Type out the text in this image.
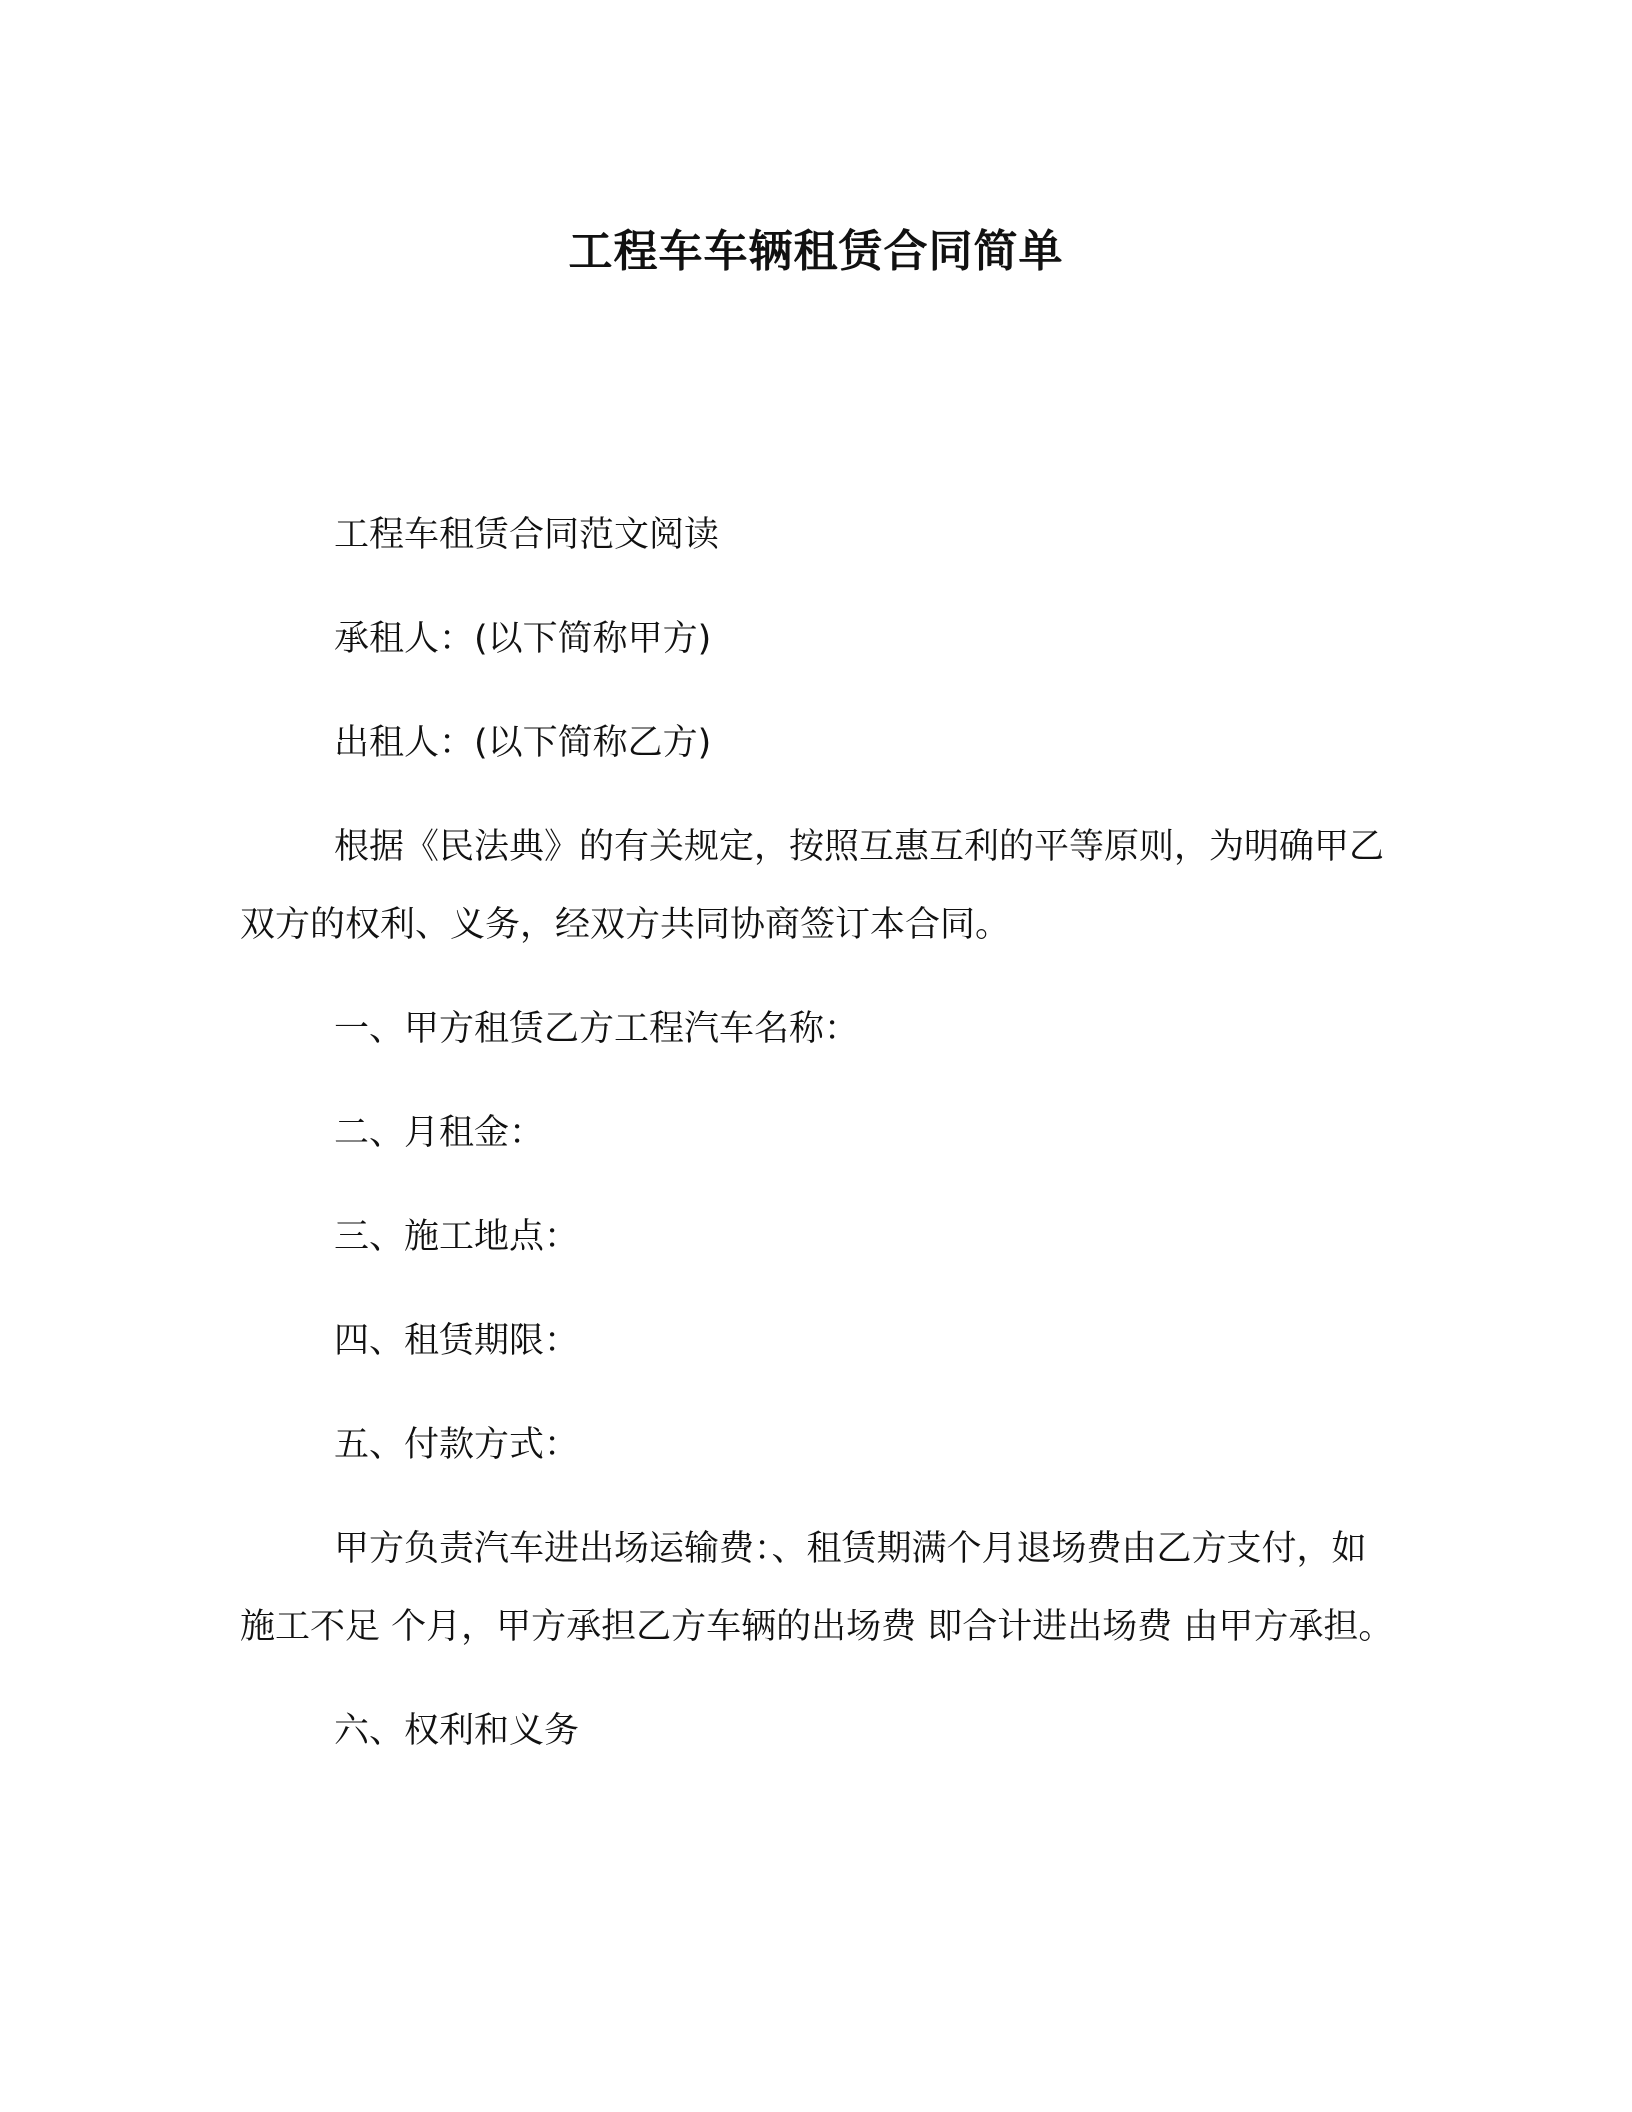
工程车车辆租赁合同简单

工程车租赁合同范文阅读

承租人：(以下简称甲方)

出租人：(以下简称乙方)

根据《民法典》的有关规定，按照互惠互利的平等原则，为明确甲乙双方的权利、义务，经双方共同协商签订本合同。

一、甲方租赁乙方工程汽车名称：

二、月租金：

三、施工地点：

四、租赁期限：

五、付款方式：

甲方负责汽车进出场运输费：、租赁期满个月退场费由乙方支付，如施工不足 个月，甲方承担乙方车辆的出场费 即合计进出场费 由甲方承担。

六、权利和义务
